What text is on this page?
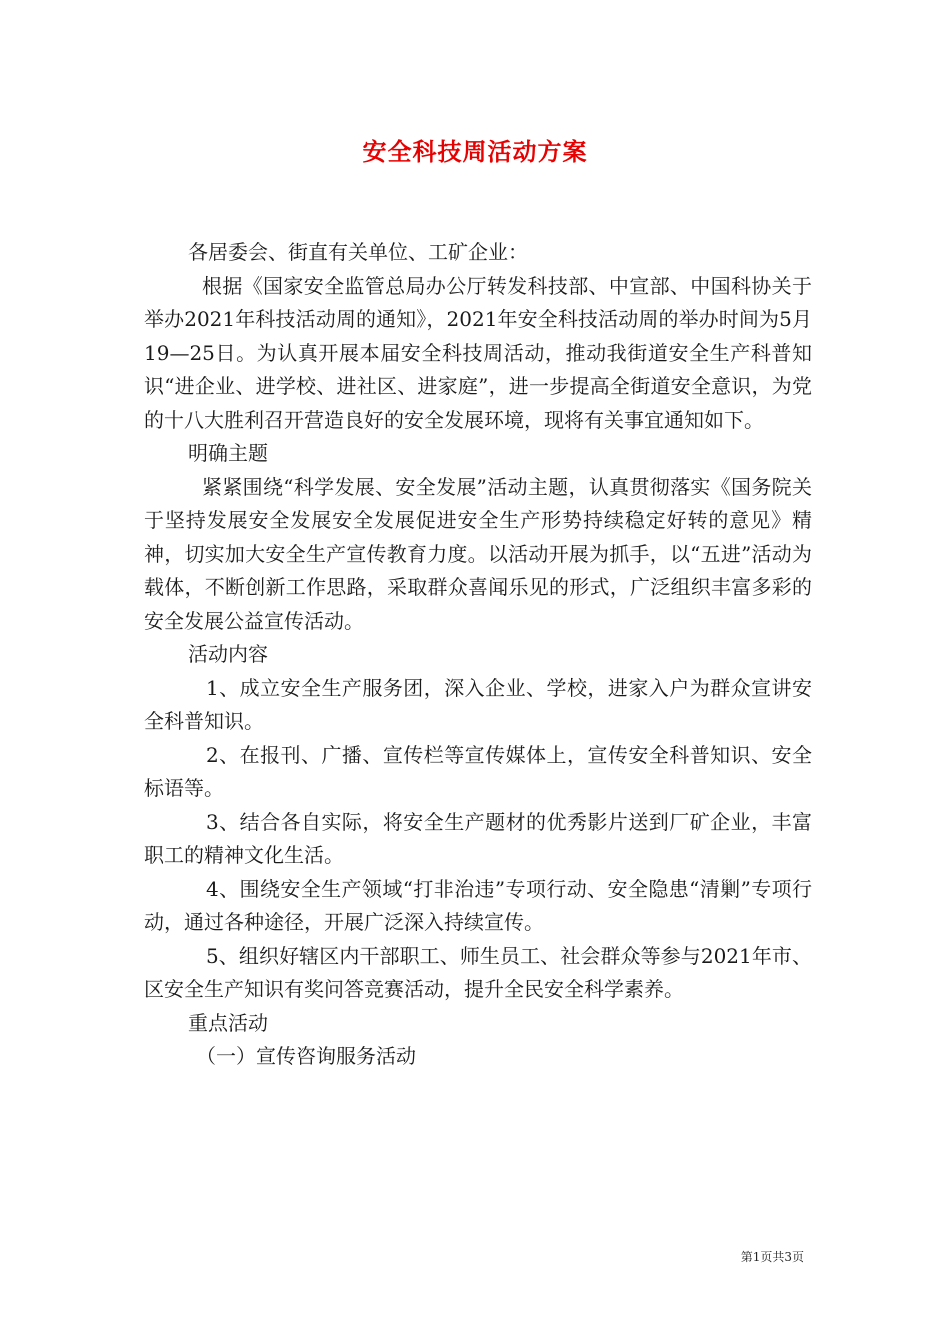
安全科技周活动方案

各居委会、街直有关单位、工矿企业：

根据《国家安全监管总局办公厅转发科技部、中宣部、中国科协关于举办2021年科技活动周的通知》，2021年安全科技活动周的举办时间为5月19—25日。为认真开展本届安全科技周活动，推动我街道安全生产科普知识“进企业、进学校、进社区、进家庭”，进一步提高全街道安全意识，为党的十八大胜利召开营造良好的安全发展环境，现将有关事宜通知如下。

明确主题

紧紧围绕“科学发展、安全发展”活动主题，认真贯彻落实《国务院关于坚持发展安全发展安全发展促进安全生产形势持续稳定好转的意见》精神，切实加大安全生产宣传教育力度。以活动开展为抓手，以“五进”活动为载体，不断创新工作思路，采取群众喜闻乐见的形式，广泛组织丰富多彩的安全发展公益宣传活动。

活动内容

1、成立安全生产服务团，深入企业、学校，进家入户为群众宣讲安全科普知识。

2、在报刊、广播、宣传栏等宣传媒体上，宣传安全科普知识、安全标语等。

3、结合各自实际，将安全生产题材的优秀影片送到厂矿企业，丰富职工的精神文化生活。

4、围绕安全生产领域“打非治违”专项行动、安全隐患“清剿”专项行动，通过各种途径，开展广泛深入持续宣传。

5、组织好辖区内干部职工、师生员工、社会群众等参与2021年市、区安全生产知识有奖问答竞赛活动，提升全民安全科学素养。

重点活动

（一）宣传咨询服务活动

第1页共3页
